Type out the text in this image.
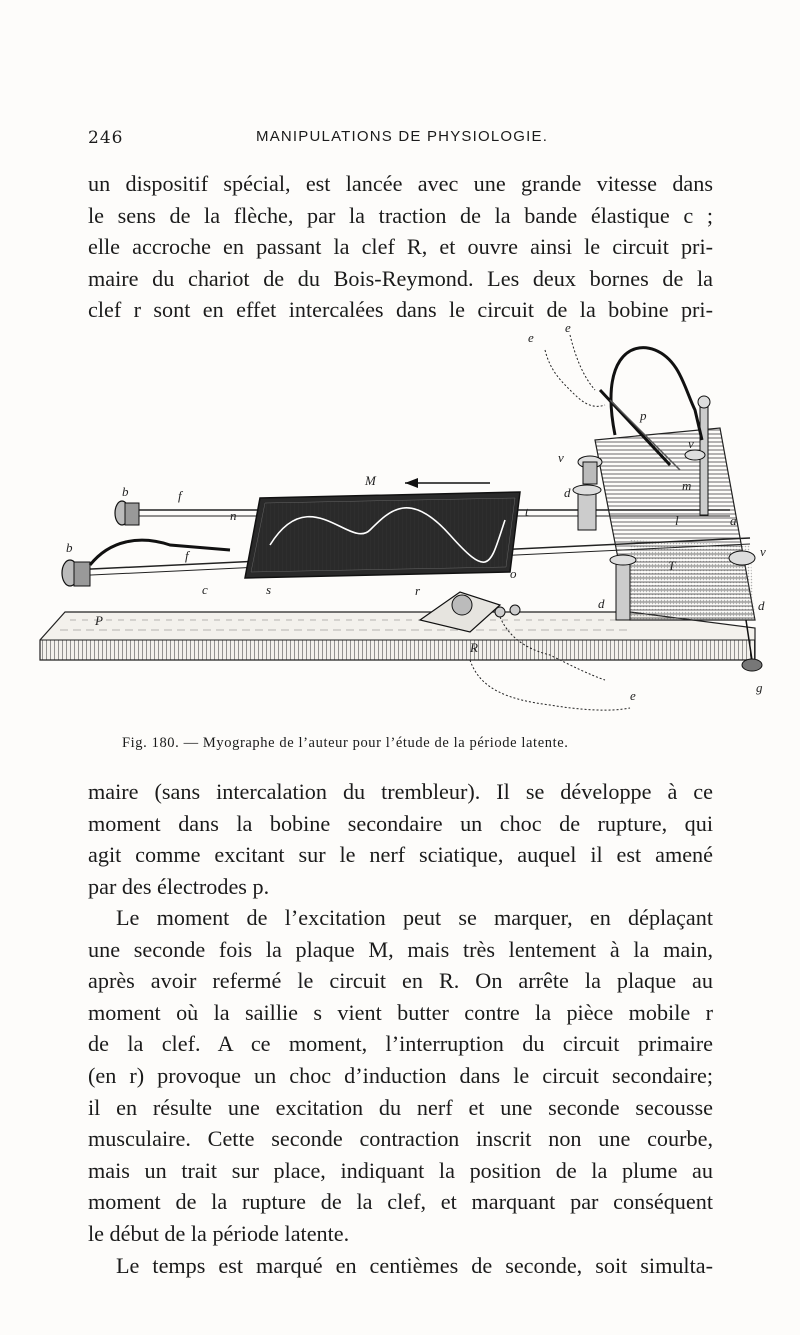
246	MANIPULATIONS DE PHYSIOLOGIE.

un dispositif spécial, est lancée avec une grande vitesse dans
le sens de la flèche, par la traction de la bande élastique c ;
elle accroche en passant la clef R, et ouvre ainsi le circuit pri-
maire du chariot de du Bois-Reymond. Les deux bornes de la
clef r sont en effet intercalées dans le circuit de la bobine pri-

e
e
p
v
v
m
M
b	f	d
n	t
l	a
b
f
o
T
v
c	s	r
d	d
P
R
e
g
Fig. 180. — Myographe de l’auteur pour l’étude de la période latente.

maire (sans intercalation du trembleur). Il se développe à ce
moment dans la bobine secondaire un choc de rupture, qui
agit comme excitant sur le nerf sciatique, auquel il est amené
par des électrodes p.

Le moment de l’excitation peut se marquer, en déplaçant
une seconde fois la plaque M, mais très lentement à la main,
après avoir refermé le circuit en R. On arrête la plaque au
moment où la saillie s vient butter contre la pièce mobile r
de la clef. A ce moment, l’interruption du circuit primaire
(en r) provoque un choc d’induction dans le circuit secondaire;
il en résulte une excitation du nerf et une seconde secousse
musculaire. Cette seconde contraction inscrit non une courbe,
mais un trait sur place, indiquant la position de la plume au
moment de la rupture de la clef, et marquant par conséquent
le début de la période latente.

Le temps est marqué en centièmes de seconde, soit simulta-
